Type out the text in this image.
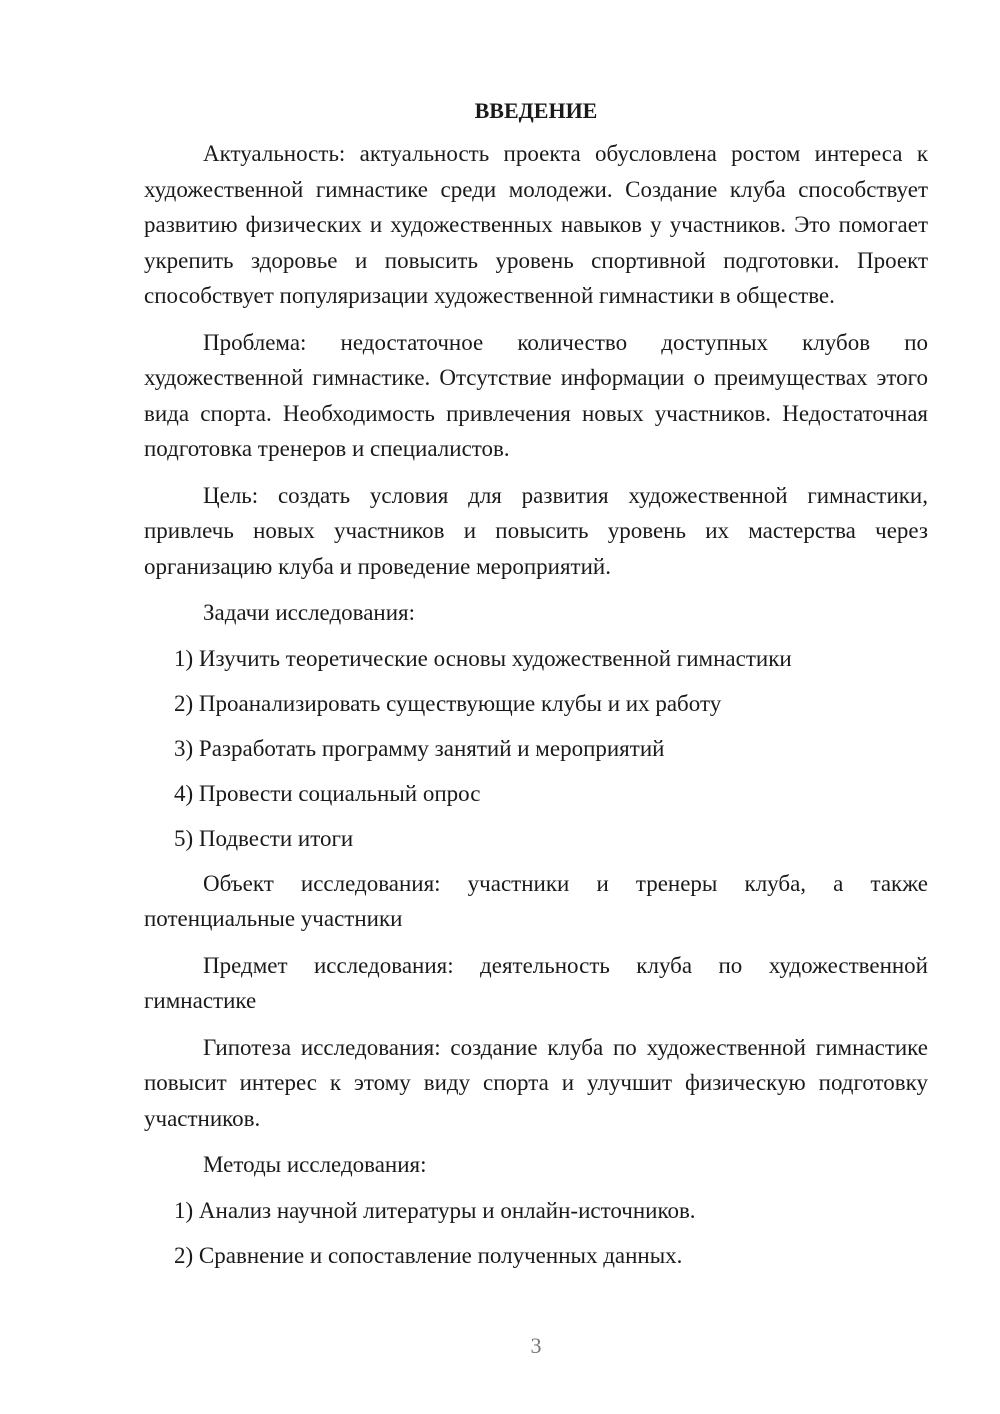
ВВЕДЕНИЕ

Актуальность: актуальность проекта обусловлена ростом интереса к художественной гимнастике среди молодежи. Создание клуба способствует развитию физических и художественных навыков у участников. Это помогает укрепить здоровье и повысить уровень спортивной подготовки. Проект способствует популяризации художественной гимнастики в обществе.

Проблема: недостаточное количество доступных клубов по художественной гимнастике. Отсутствие информации о преимуществах этого вида спорта. Необходимость привлечения новых участников. Недостаточная подготовка тренеров и специалистов.

Цель: создать условия для развития художественной гимнастики, привлечь новых участников и повысить уровень их мастерства через организацию клуба и проведение мероприятий.

Задачи исследования:

1) Изучить теоретические основы художественной гимнастики
2) Проанализировать существующие клубы и их работу
3) Разработать программу занятий и мероприятий
4) Провести социальный опрос
5) Подвести итоги

Объект исследования: участники и тренеры клуба, а также потенциальные участники

Предмет исследования: деятельность клуба по художественной гимнастике

Гипотеза исследования: создание клуба по художественной гимнастике повысит интерес к этому виду спорта и улучшит физическую подготовку участников.

Методы исследования:

1) Анализ научной литературы и онлайн-источников.
2) Сравнение и сопоставление полученных данных.
3
